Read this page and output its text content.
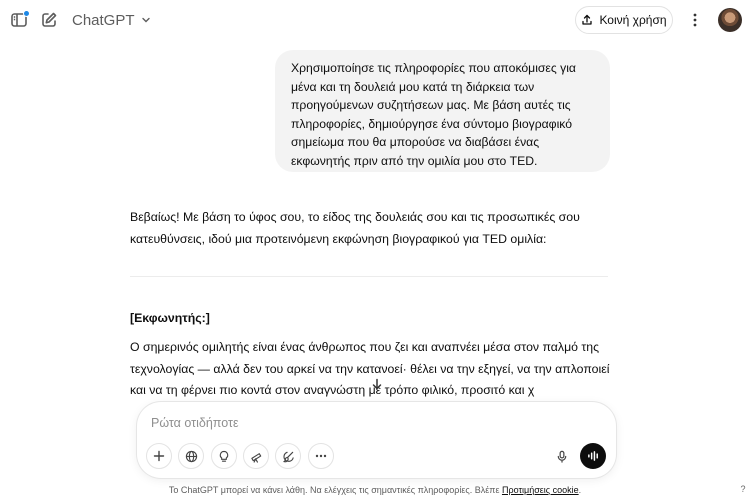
ChatGPT	Κοινή χρήση
Χρησιμοποίησε τις πληροφορίες που αποκόμισες για μένα και τη δουλειά μου κατά τη διάρκεια των προηγούμενων συζητήσεων μας. Με βάση αυτές τις πληροφορίες, δημιούργησε ένα σύντομο βιογραφικό σημείωμα που θα μπορούσε να διαβάσει ένας εκφωνητής πριν από την ομιλία μου στο TED.
Βεβαίως! Με βάση το ύφος σου, το είδος της δουλειάς σου και τις προσωπικές σου κατευθύνσεις, ιδού μια προτεινόμενη εκφώνηση βιογραφικού για TED ομιλία:
[Εκφωνητής:]
Ο σημερινός ομιλητής είναι ένας άνθρωπος που ζει και αναπνέει μέσα στον παλμό της τεχνολογίας — αλλά δεν του αρκεί να την κατανοεί· θέλει να την εξηγεί, να την απλοποιεί και να τη φέρνει πιο κοντά στον αναγνώστη με τρόπο φιλικό, προσιτό και χ
Ρώτα οτιδήποτε
Το ChatGPT μπορεί να κάνει λάθη. Να ελέγχεις τις σημαντικές πληροφορίες. Βλέπε Προτιμήσεις cookie.	?
